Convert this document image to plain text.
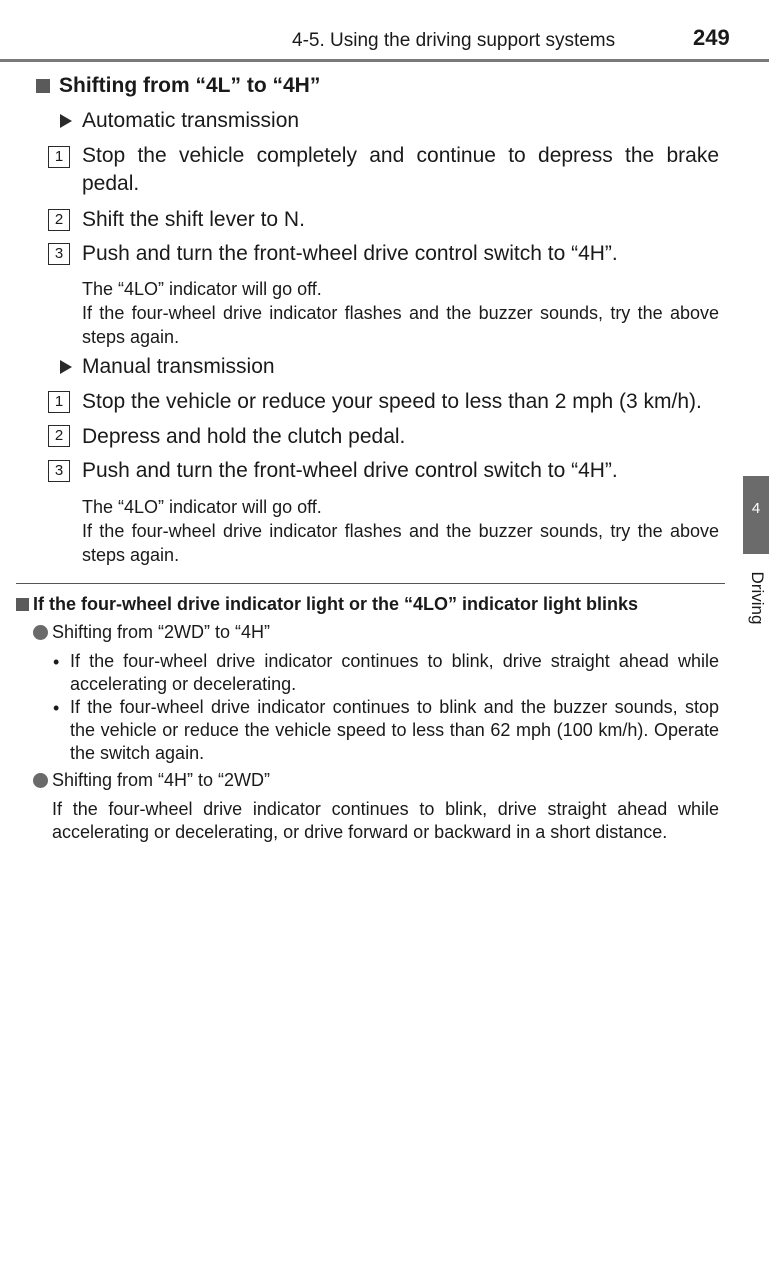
4-5. Using the driving support systems	249
4
Driving
Shifting from “4L” to “4H”
Automatic transmission
1 Stop the vehicle completely and continue to depress the brake pedal.
2 Shift the shift lever to N.
3 Push and turn the front-wheel drive control switch to “4H”.
The “4LO” indicator will go off.
If the four-wheel drive indicator flashes and the buzzer sounds, try the above steps again.
Manual transmission
1 Stop the vehicle or reduce your speed to less than 2 mph (3 km/h).
2 Depress and hold the clutch pedal.
3 Push and turn the front-wheel drive control switch to “4H”.
The “4LO” indicator will go off.
If the four-wheel drive indicator flashes and the buzzer sounds, try the above steps again.
If the four-wheel drive indicator light or the “4LO” indicator light blinks
Shifting from “2WD” to “4H”
• If the four-wheel drive indicator continues to blink, drive straight ahead while accelerating or decelerating.
• If the four-wheel drive indicator continues to blink and the buzzer sounds, stop the vehicle or reduce the vehicle speed to less than 62 mph (100 km/h). Operate the switch again.
Shifting from “4H” to “2WD”
If the four-wheel drive indicator continues to blink, drive straight ahead while accelerating or decelerating, or drive forward or backward in a short distance.
